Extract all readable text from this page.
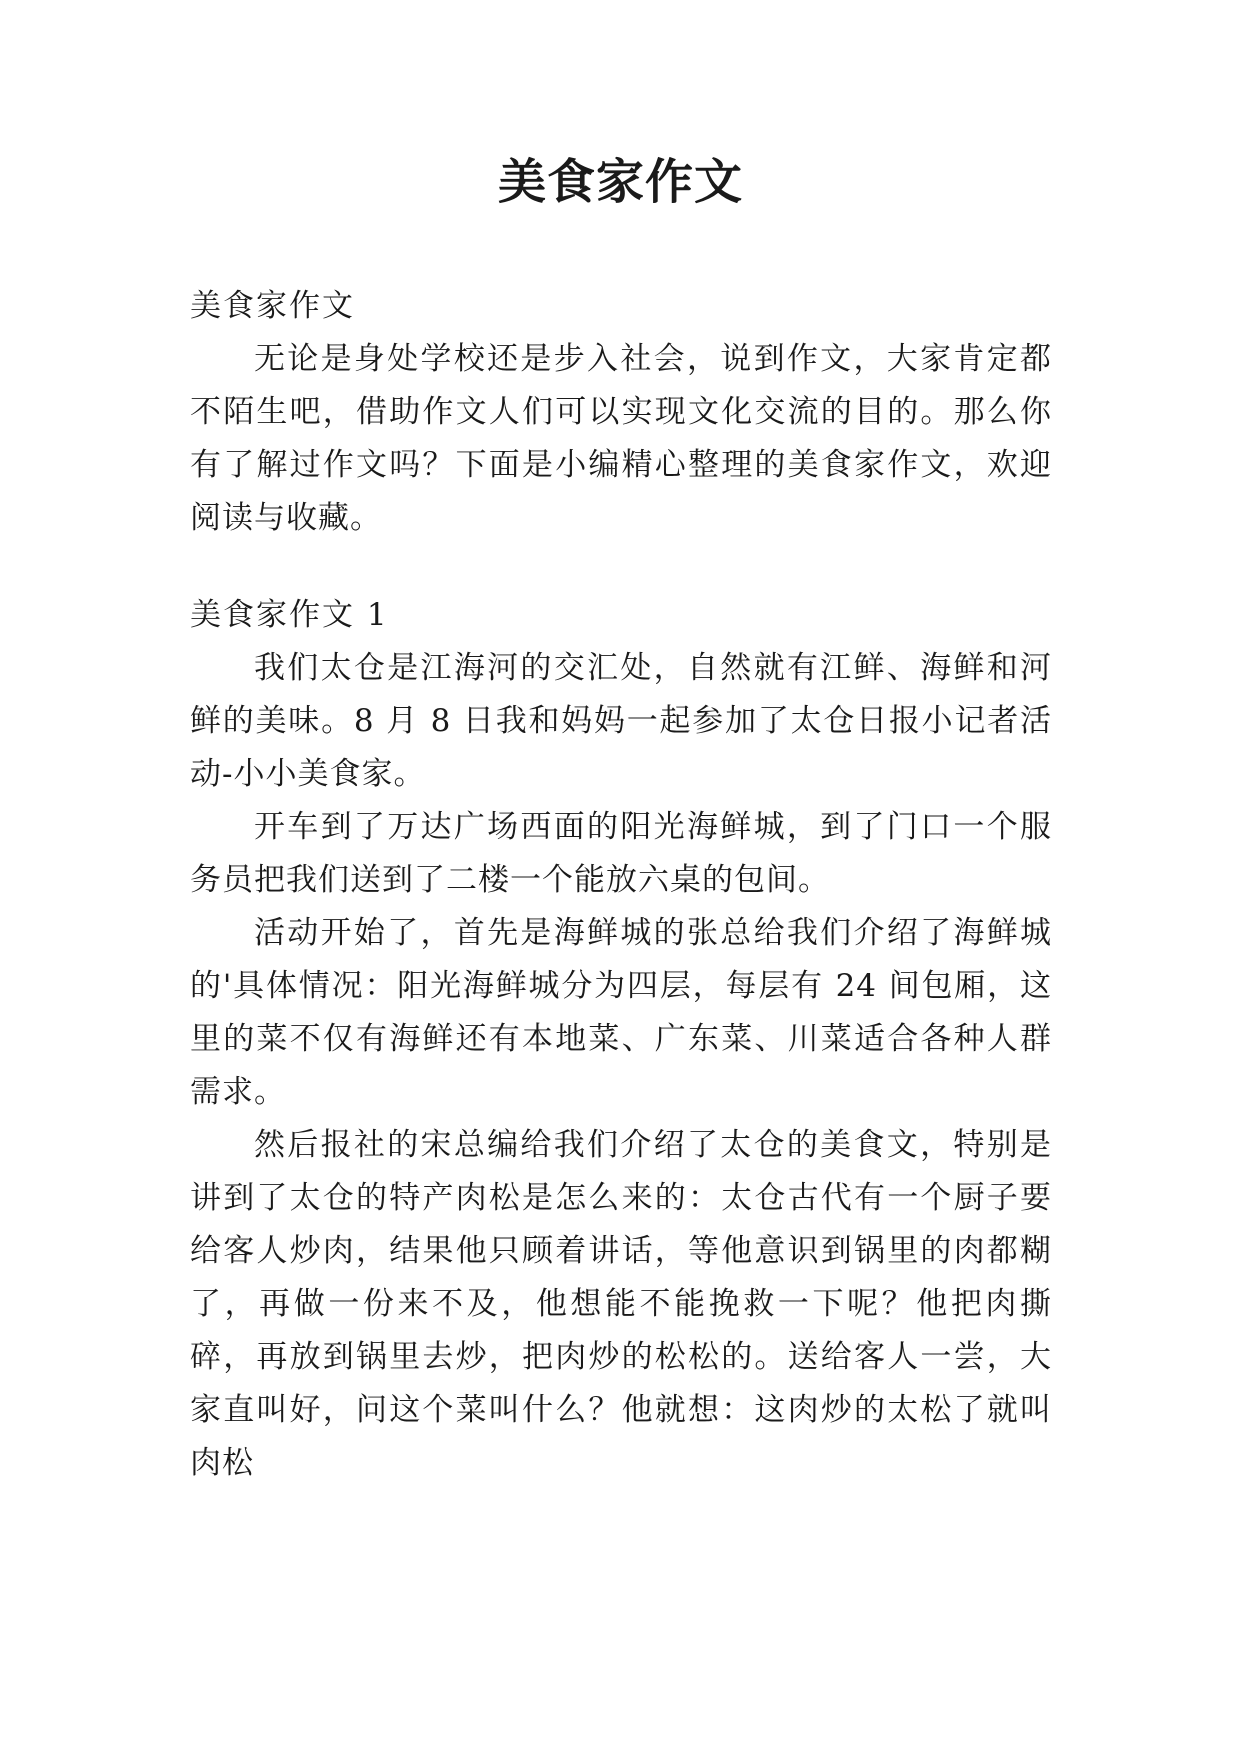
美食家作文

美食家作文

无论是身处学校还是步入社会，说到作文，大家肯定都不陌生吧，借助作文人们可以实现文化交流的目的。那么你有了解过作文吗？下面是小编精心整理的美食家作文，欢迎阅读与收藏。

美食家作文 1

我们太仓是江海河的交汇处，自然就有江鲜、海鲜和河鲜的美味。8 月 8 日我和妈妈一起参加了太仓日报小记者活动-小小美食家。

开车到了万达广场西面的阳光海鲜城，到了门口一个服务员把我们送到了二楼一个能放六桌的包间。

活动开始了，首先是海鲜城的张总给我们介绍了海鲜城的'具体情况：阳光海鲜城分为四层，每层有 24 间包厢，这里的菜不仅有海鲜还有本地菜、广东菜、川菜适合各种人群需求。

然后报社的宋总编给我们介绍了太仓的美食文，特别是讲到了太仓的特产肉松是怎么来的：太仓古代有一个厨子要给客人炒肉，结果他只顾着讲话，等他意识到锅里的肉都糊了，再做一份来不及，他想能不能挽救一下呢？他把肉撕碎，再放到锅里去炒，把肉炒的松松的。送给客人一尝，大家直叫好，问这个菜叫什么？他就想：这肉炒的太松了就叫肉松
